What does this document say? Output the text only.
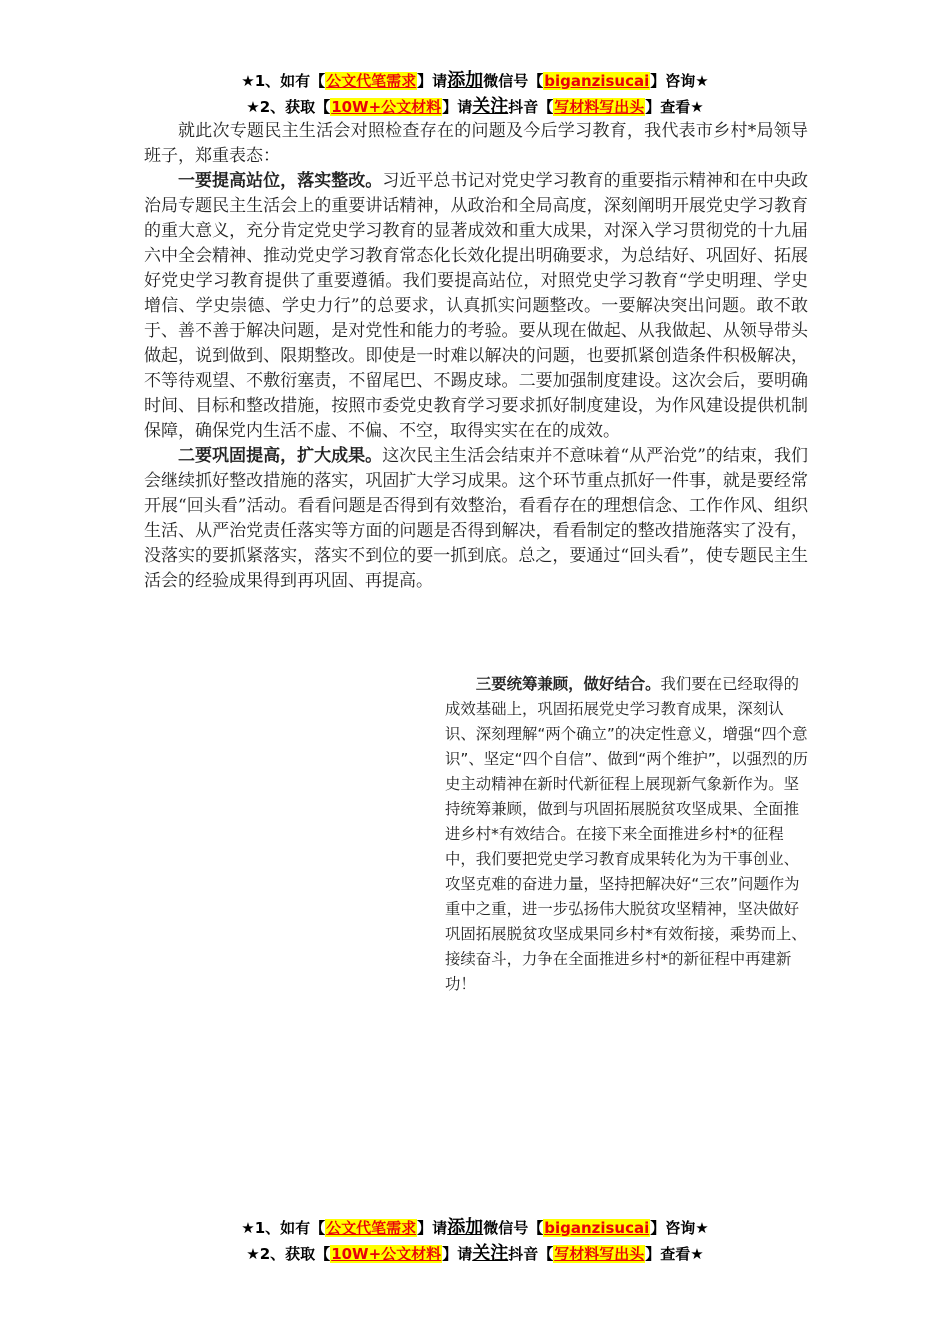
★1、如有【公文代笔需求】请添加微信号【biganzisucai】咨询★
★2、获取【10W+公文材料】请关注抖音【写材料写出头】查看★

就此次专题民主生活会对照检查存在的问题及今后学习教育，我代表市乡村*局领导班子，郑重表态：

一要提高站位，落实整改。习近平总书记对党史学习教育的重要指示精神和在中央政治局专题民主生活会上的重要讲话精神，从政治和全局高度，深刻阐明开展党史学习教育的重大意义，充分肯定党史学习教育的显著成效和重大成果，对深入学习贯彻党的十九届六中全会精神、推动党史学习教育常态化长效化提出明确要求，为总结好、巩固好、拓展好党史学习教育提供了重要遵循。我们要提高站位，对照党史学习教育“学史明理、学史增信、学史崇德、学史力行”的总要求，认真抓实问题整改。一要解决突出问题。敢不敢于、善不善于解决问题，是对党性和能力的考验。要从现在做起、从我做起、从领导带头做起，说到做到、限期整改。即使是一时难以解决的问题，也要抓紧创造条件积极解决，不等待观望、不敷衍塞责，不留尾巴、不踢皮球。二要加强制度建设。这次会后，要明确时间、目标和整改措施，按照市委党史教育学习要求抓好制度建设，为作风建设提供机制保障，确保党内生活不虚、不偏、不空，取得实实在在的成效。

二要巩固提高，扩大成果。这次民主生活会结束并不意味着“从严治党”的结束，我们会继续抓好整改措施的落实，巩固扩大学习成果。这个环节重点抓好一件事，就是要经常开展“回头看”活动。看看问题是否得到有效整治，看看存在的理想信念、工作作风、组织生活、从严治党责任落实等方面的问题是否得到解决，看看制定的整改措施落实了没有，没落实的要抓紧落实，落实不到位的要一抓到底。总之，要通过“回头看”，使专题民主生活会的经验成果得到再巩固、再提高。

三要统筹兼顾，做好结合。我们要在已经取得的成效基础上，巩固拓展党史学习教育成果，深刻认识、深刻理解“两个确立”的决定性意义，增强“四个意识”、坚定“四个自信”、做到“两个维护”，以强烈的历史主动精神在新时代新征程上展现新气象新作为。坚持统筹兼顾，做到与巩固拓展脱贫攻坚成果、全面推进乡村*有效结合。在接下来全面推进乡村*的征程中，我们要把党史学习教育成果转化为为干事创业、攻坚克难的奋进力量，坚持把解决好“三农”问题作为重中之重，进一步弘扬伟大脱贫攻坚精神，坚决做好巩固拓展脱贫攻坚成果同乡村*有效衔接，乘势而上、接续奋斗，力争在全面推进乡村*的新征程中再建新功！

★1、如有【公文代笔需求】请添加微信号【biganzisucai】咨询★
★2、获取【10W+公文材料】请关注抖音【写材料写出头】查看★
